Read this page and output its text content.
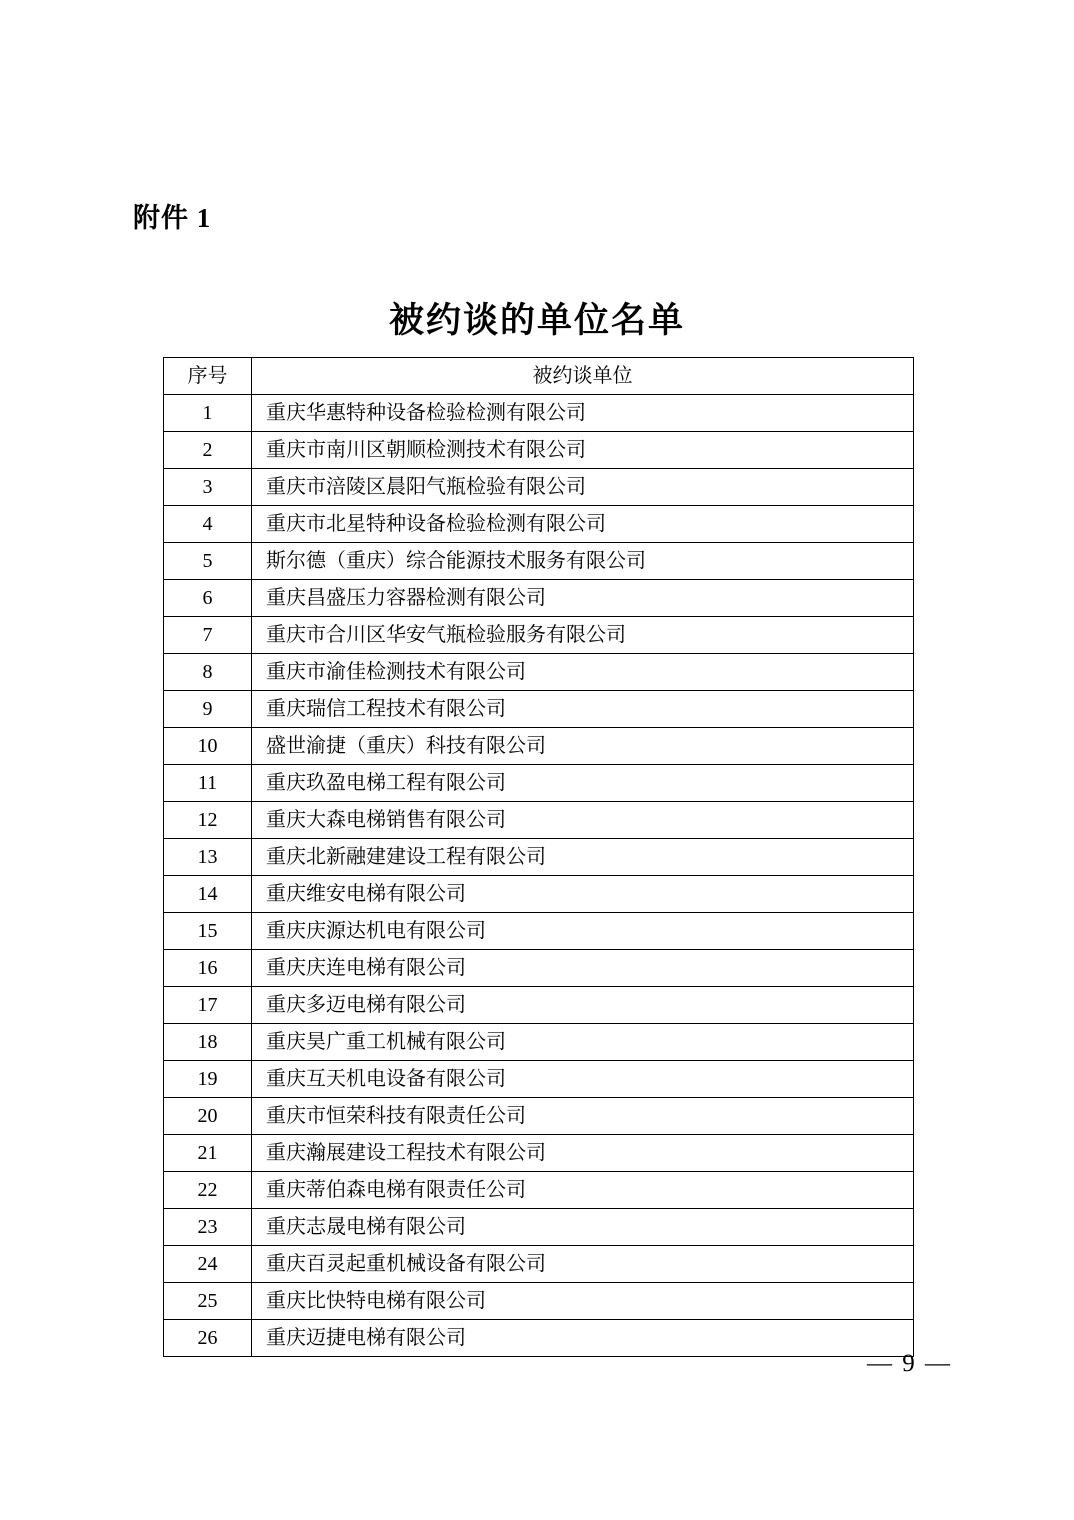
附件 1
被约谈的单位名单
序号	被约谈单位
1	重庆华惠特种设备检验检测有限公司
2	重庆市南川区朝顺检测技术有限公司
3	重庆市涪陵区晨阳气瓶检验有限公司
4	重庆市北星特种设备检验检测有限公司
5	斯尔德（重庆）综合能源技术服务有限公司
6	重庆昌盛压力容器检测有限公司
7	重庆市合川区华安气瓶检验服务有限公司
8	重庆市渝佳检测技术有限公司
9	重庆瑞信工程技术有限公司
10	盛世渝捷（重庆）科技有限公司
11	重庆玖盈电梯工程有限公司
12	重庆大森电梯销售有限公司
13	重庆北新融建建设工程有限公司
14	重庆维安电梯有限公司
15	重庆庆源达机电有限公司
16	重庆庆连电梯有限公司
17	重庆多迈电梯有限公司
18	重庆昊广重工机械有限公司
19	重庆互天机电设备有限公司
20	重庆市恒荣科技有限责任公司
21	重庆瀚展建设工程技术有限公司
22	重庆蒂伯森电梯有限责任公司
23	重庆志晟电梯有限公司
24	重庆百灵起重机械设备有限公司
25	重庆比快特电梯有限公司
26	重庆迈捷电梯有限公司
— 9 —
